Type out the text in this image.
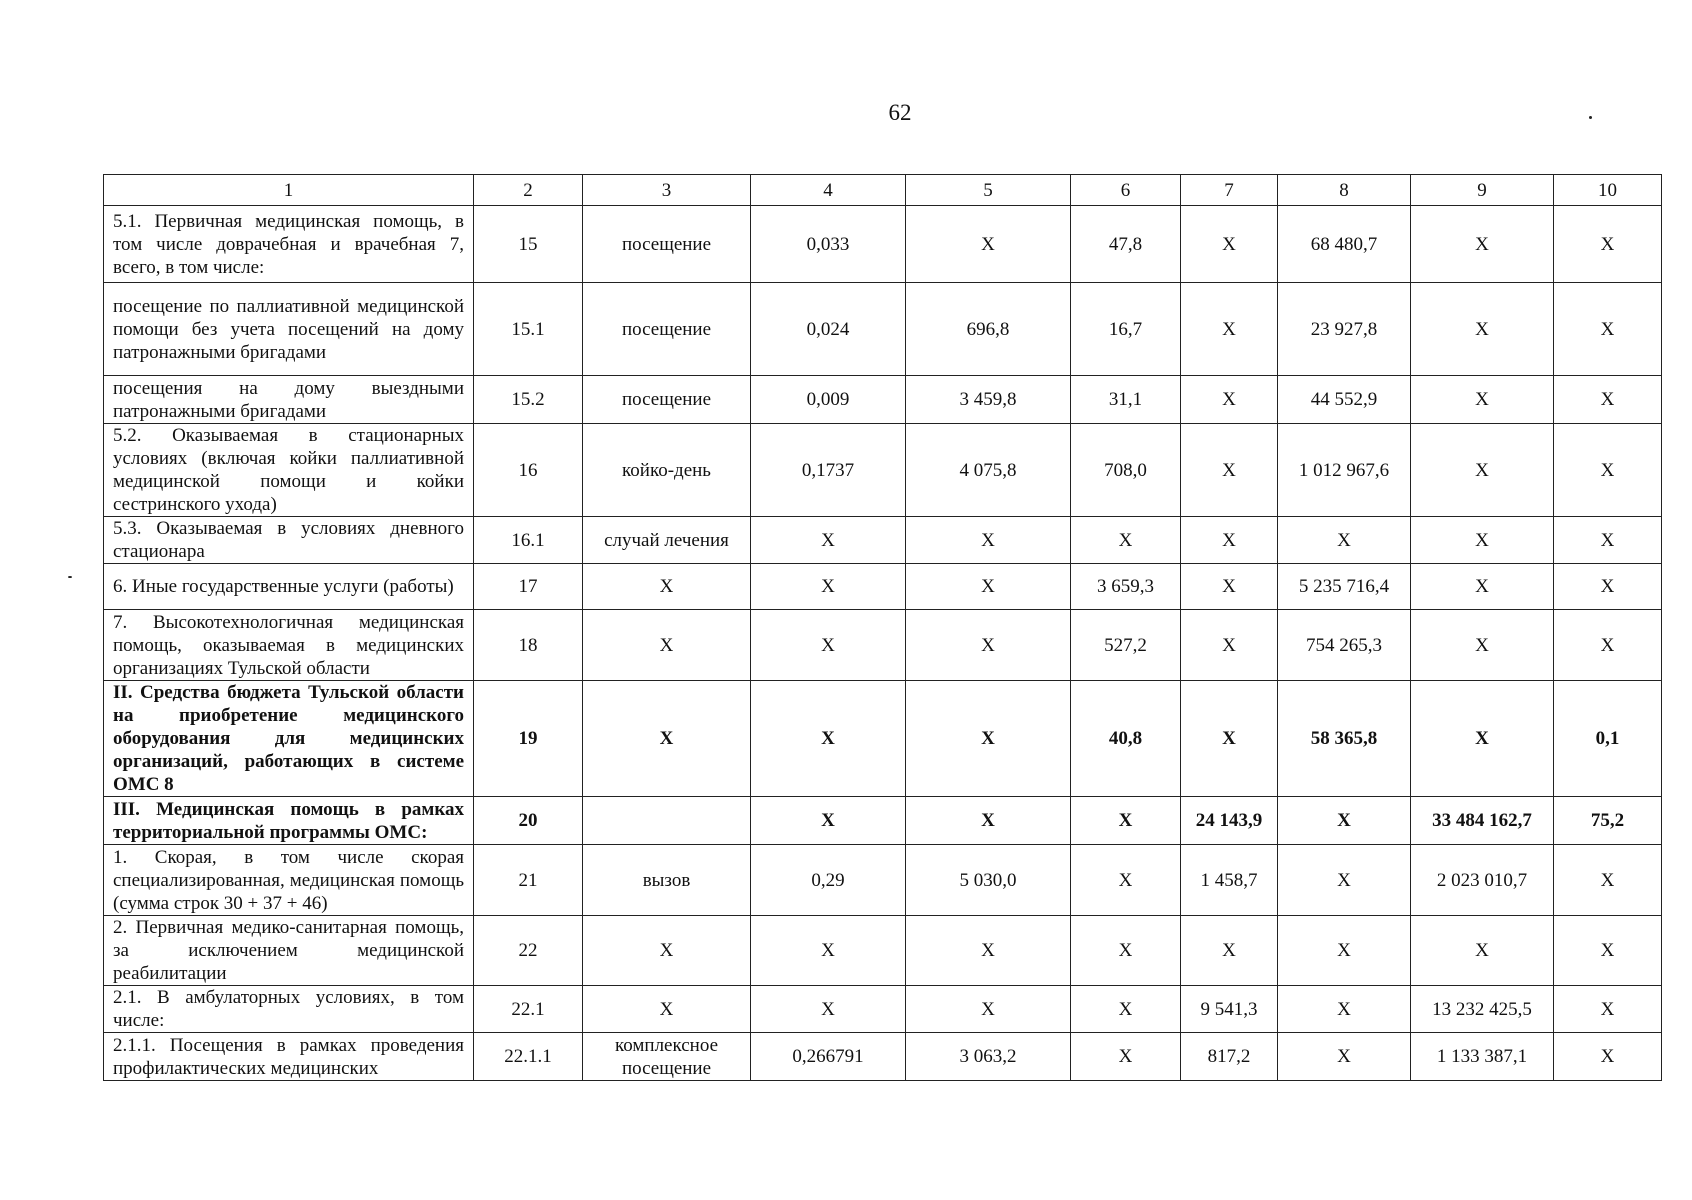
62
1	2	3	4	5	6	7	8	9	10
5.1. Первичная медицинская помощь, в том числе доврачебная и врачебная 7, всего, в том числе:	15	посещение	0,033	X	47,8	X	68 480,7	X	X
посещение по паллиативной медицинской помощи без учета посещений на дому патронажными бригадами	15.1	посещение	0,024	696,8	16,7	X	23 927,8	X	X
посещения на дому выездными патронажными бригадами	15.2	посещение	0,009	3 459,8	31,1	X	44 552,9	X	X
5.2. Оказываемая в стационарных условиях (включая койки паллиативной медицинской помощи и койки сестринского ухода)	16	койко-день	0,1737	4 075,8	708,0	X	1 012 967,6	X	X
5.3. Оказываемая в условиях дневного стационара	16.1	случай лечения	X	X	X	X	X	X	X
6. Иные государственные услуги (работы)	17	X	X	X	3 659,3	X	5 235 716,4	X	X
7. Высокотехнологичная медицинская помощь, оказываемая в медицинских организациях Тульской области	18	X	X	X	527,2	X	754 265,3	X	X
II. Средства бюджета Тульской области на приобретение медицинского оборудования для медицинских организаций, работающих в системе ОМС 8	19	X	X	X	40,8	X	58 365,8	X	0,1
III. Медицинская помощь в рамках территориальной программы ОМС:	20		X	X	X	24 143,9	X	33 484 162,7	75,2
1. Скорая, в том числе скорая специализированная, медицинская помощь (сумма строк 30 + 37 + 46)	21	вызов	0,29	5 030,0	X	1 458,7	X	2 023 010,7	X
2. Первичная медико-санитарная помощь, за исключением медицинской реабилитации	22	X	X	X	X	X	X	X	X
2.1. В амбулаторных условиях, в том числе:	22.1	X	X	X	X	9 541,3	X	13 232 425,5	X
2.1.1. Посещения в рамках проведения профилактических медицинских	22.1.1	комплексное посещение	0,266791	3 063,2	X	817,2	X	1 133 387,1	X
